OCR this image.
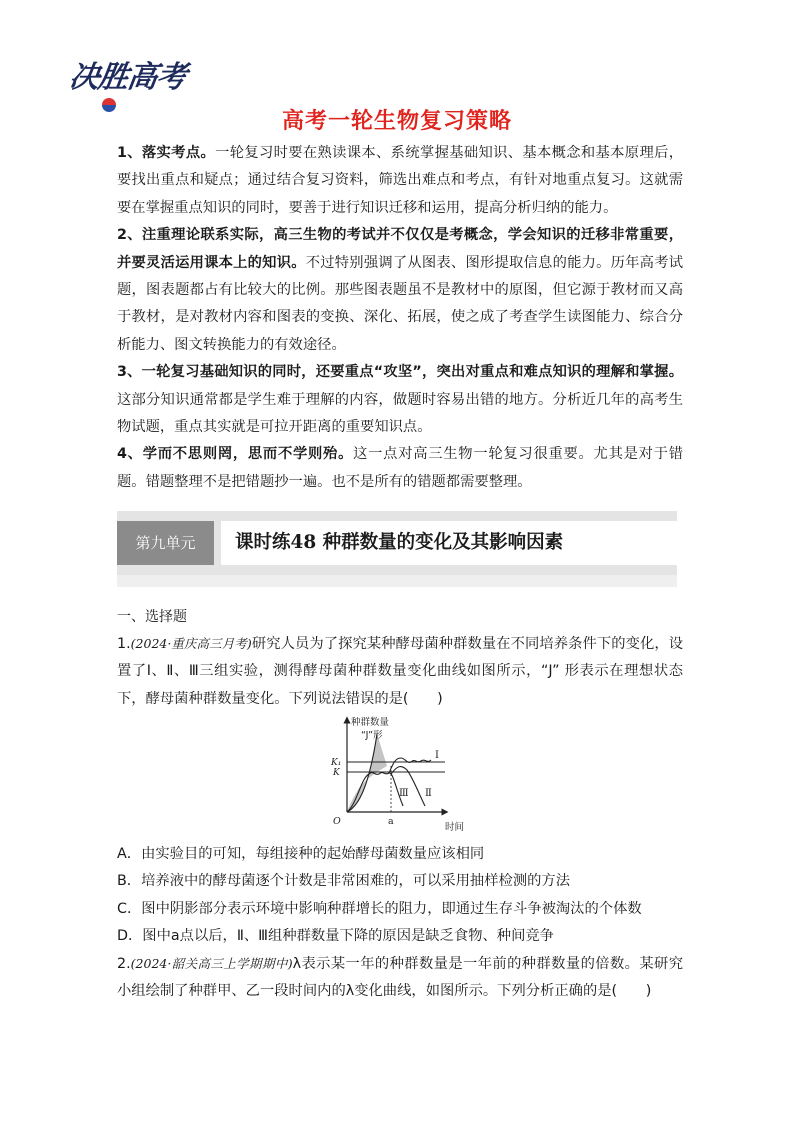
决胜高考
高考一轮生物复习策略

1、落实考点。一轮复习时要在熟读课本、系统掌握基础知识、基本概念和基本原理后，要找出重点和疑点；通过结合复习资料，筛选出难点和考点，有针对地重点复习。这就需要在掌握重点知识的同时，要善于进行知识迁移和运用，提高分析归纳的能力。

2、注重理论联系实际，高三生物的考试并不仅仅是考概念，学会知识的迁移非常重要，并要灵活运用课本上的知识。不过特别强调了从图表、图形提取信息的能力。历年高考试题，图表题都占有比较大的比例。那些图表题虽不是教材中的原图，但它源于教材而又高于教材，是对教材内容和图表的变换、深化、拓展，使之成了考查学生读图能力、综合分析能力、图文转换能力的有效途径。

3、一轮复习基础知识的同时，还要重点“攻坚”，突出对重点和难点知识的理解和掌握。这部分知识通常都是学生难于理解的内容，做题时容易出错的地方。分析近几年的高考生物试题，重点其实就是可拉开距离的重要知识点。

4、学而不思则罔，思而不学则殆。这一点对高三生物一轮复习很重要。尤其是对于错题。错题整理不是把错题抄一遍。也不是所有的错题都需要整理。

第九单元	课时练48 种群数量的变化及其影响因素
一、选择题
1.(2024·重庆高三月考)研究人员为了探究某种酵母菌种群数量在不同培养条件下的变化，设置了Ⅰ、Ⅱ、Ⅲ三组实验，测得酵母菌种群数量变化曲线如图所示，“J” 形表示在理想状态下，酵母菌种群数量变化。下列说法错误的是(　　)
种群数量
“J”形
Ⅰ
Ⅱ
Ⅲ
K₁
K
O	a
时间
A．由实验目的可知，每组接种的起始酵母菌数量应该相同
B．培养液中的酵母菌逐个计数是非常困难的，可以采用抽样检测的方法
C．图中阴影部分表示环境中影响种群增长的阻力，即通过生存斗争被淘汰的个体数
D．图中a点以后，Ⅱ、Ⅲ组种群数量下降的原因是缺乏食物、种间竞争
2.(2024·韶关高三上学期期中)λ表示某一年的种群数量是一年前的种群数量的倍数。某研究小组绘制了种群甲、乙一段时间内的λ变化曲线，如图所示。下列分析正确的是(　　)
